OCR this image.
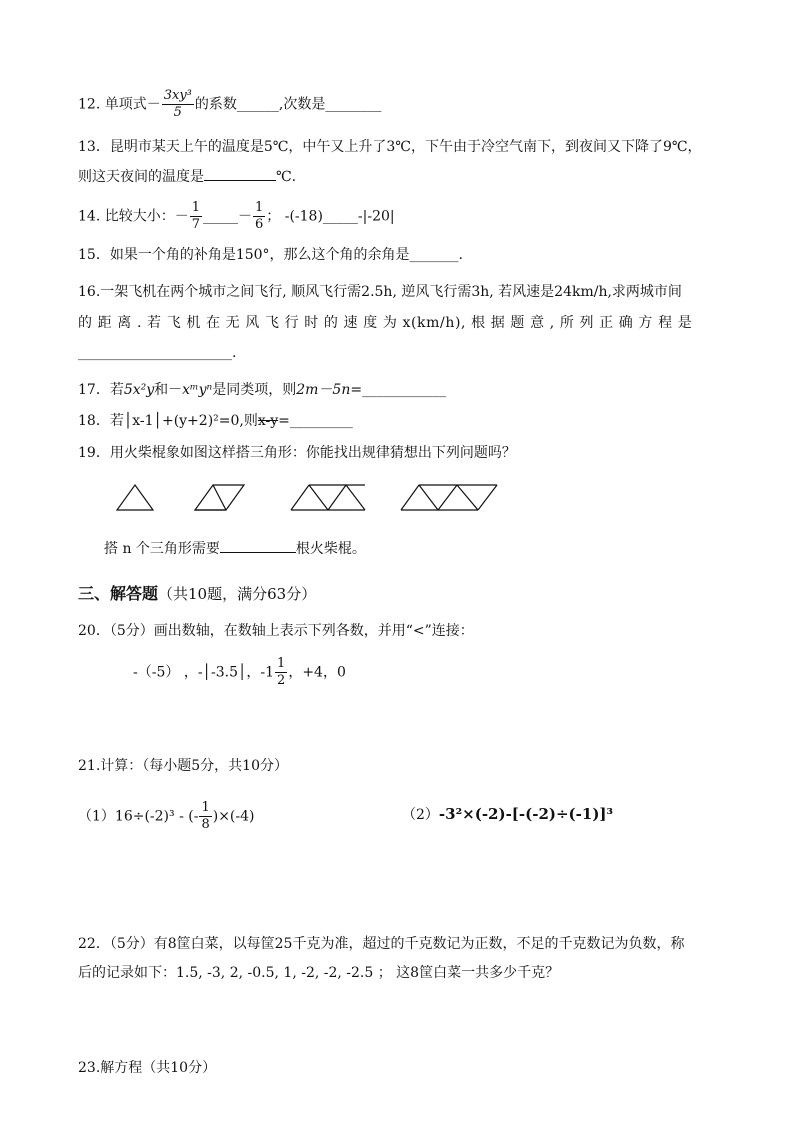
12. 单项式－ $\frac{\text{3xy³}}{5}$ 的系数______,次数是________
13．昆明市某天上午的温度是5℃，中午又上升了3℃，下午由于冷空气南下，到夜间又下降了9℃，
则这天夜间的温度是	℃.
14. 比较大小：－ $\frac{1}{7}$ _____－ $\frac{1}{6}$ ； -(-18)_____-|-20|
15．如果一个角的补角是150°，那么这个角的余角是_______.
16.一架飞机在两个城市之间飞行, 顺风飞行需2.5h, 逆风飞行需3h, 若风速是24km/h,求两城市间
的 距 离 . 若 飞 机 在 无 风 飞 行 时 的 速 度 为 x(km/h), 根 据 题 意 , 所 列 正 确 方 程 是
______________________.
17．若5x²y和－xᵐyⁿ是同类项，则2m－5n=____________
18．若│x-1│+(y+2)²=0,则x-y=_________
19．用火柴棍象如图这样搭三角形：你能找出规律猜想出下列问题吗？
搭 n 个三角形需要	根火柴棍。
三、解答题（共10题，满分63分）
20．（5分）画出数轴，在数轴上表示下列各数，并用“<”连接：
-（-5） ，-│-3.5│，$-1 \frac{1}{2}$ ，+4，0
21.计算：（每小题5分，共10分）
（1）16÷(-2)³ - (- $\frac{1}{8} )\times(-4)$	（2）-3²×(-2)-[-(-2)÷(-1)]³
22．（5分）有8筐白菜，以每筐25千克为准，超过的千克数记为正数，不足的千克数记为负数，称
后的记录如下：1.5, -3, 2, -0.5, 1, -2, -2, -2.5 ； 这8筐白菜一共多少千克？
23.解方程（共10分）
